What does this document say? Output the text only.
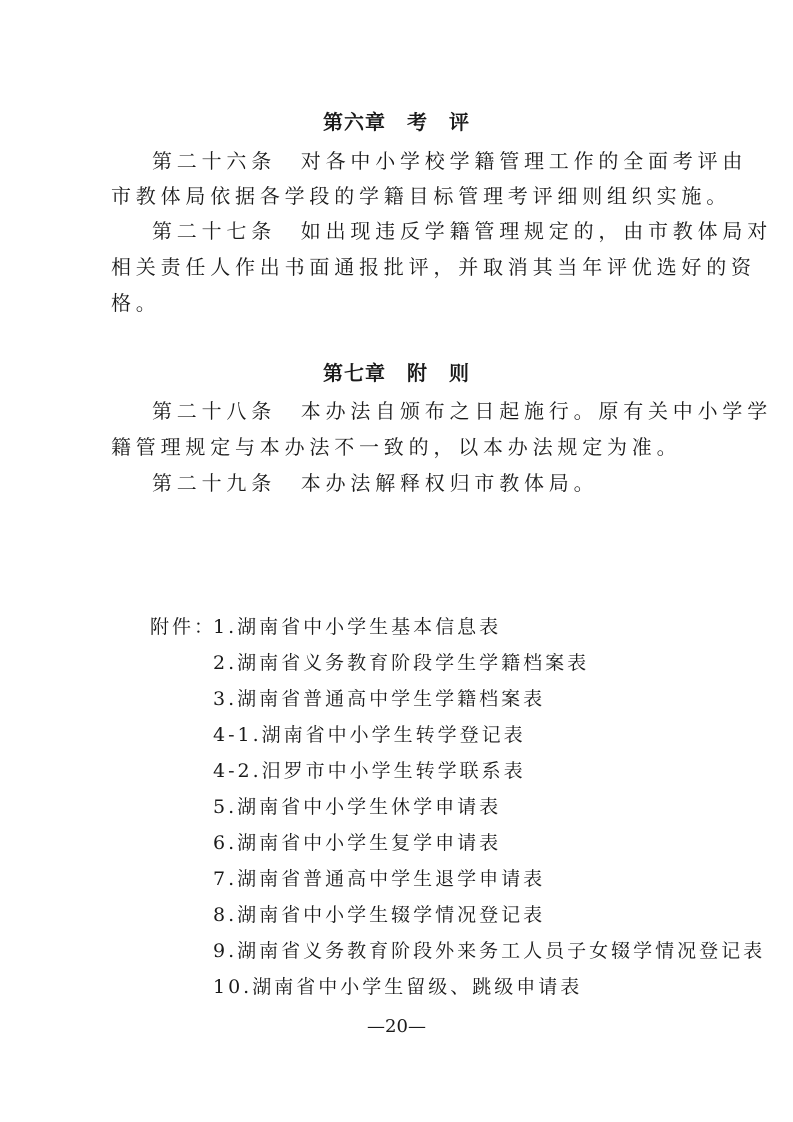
第六章　考　评
第二十六条　对各中小学校学籍管理工作的全面考评由
市教体局依据各学段的学籍目标管理考评细则组织实施。
第二十七条　如出现违反学籍管理规定的，由市教体局对
相关责任人作出书面通报批评，并取消其当年评优选好的资
格。
第七章　附　则
第二十八条　本办法自颁布之日起施行。原有关中小学学
籍管理规定与本办法不一致的，以本办法规定为准。
第二十九条　本办法解释权归市教体局。
附件：
1.湖南省中小学生基本信息表
2.湖南省义务教育阶段学生学籍档案表
3.湖南省普通高中学生学籍档案表
4-1.湖南省中小学生转学登记表
4-2.汨罗市中小学生转学联系表
5.湖南省中小学生休学申请表
6.湖南省中小学生复学申请表
7.湖南省普通高中学生退学申请表
8.湖南省中小学生辍学情况登记表
9.湖南省义务教育阶段外来务工人员子女辍学情况登记表
10.湖南省中小学生留级、跳级申请表
—20—
